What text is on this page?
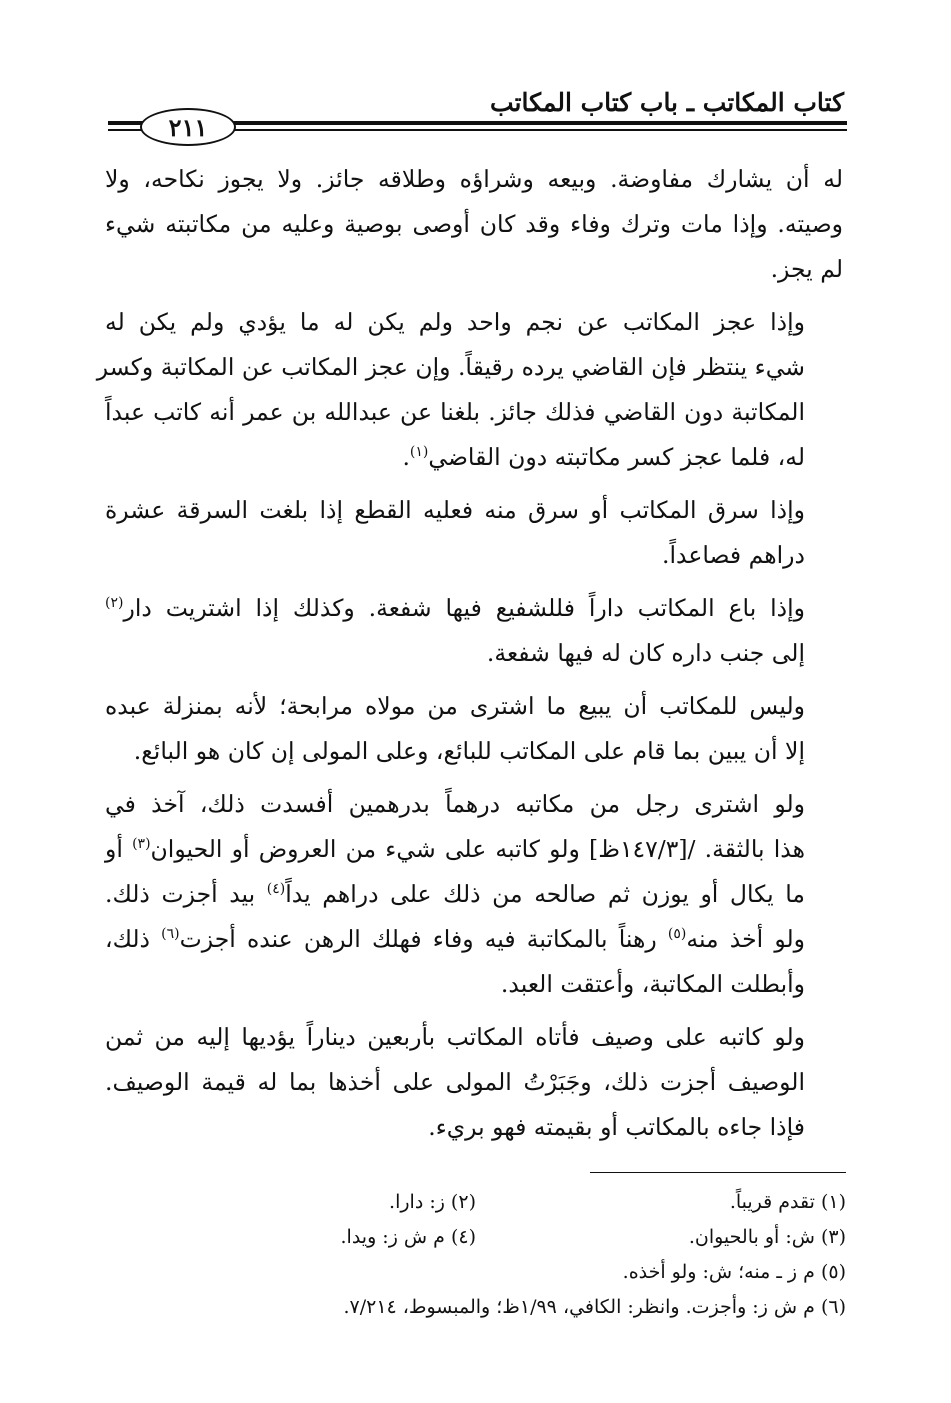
كتاب المكاتب ـ باب كتاب المكاتب
٢١١
له أن يشارك مفاوضة. وبيعه وشراؤه وطلاقه جائز. ولا يجوز نكاحه، ولا
وصيته. وإذا مات وترك وفاء وقد كان أوصى بوصية وعليه من مكاتبته شيء
لم يجز.
وإذا عجز المكاتب عن نجم واحد ولم يكن له ما يؤدي ولم يكن له
شيء ينتظر فإن القاضي يرده رقيقاً. وإن عجز المكاتب عن المكاتبة وكسر
المكاتبة دون القاضي فذلك جائز. بلغنا عن عبدالله بن عمر أنه كاتب عبداً
له، فلما عجز كسر مكاتبته دون القاضي$^{(١)}$.
وإذا سرق المكاتب أو سرق منه فعليه القطع إذا بلغت السرقة عشرة
دراهم فصاعداً.
وإذا باع المكاتب داراً فللشفيع فيها شفعة. وكذلك إذا اشتريت دار$^{(٢)}$
إلى جنب داره كان له فيها شفعة.
وليس للمكاتب أن يبيع ما اشترى من مولاه مرابحة؛ لأنه بمنزلة عبده
إلا أن يبين بما قام على المكاتب للبائع، وعلى المولى إن كان هو البائع.
ولو اشترى رجل من مكاتبه درهماً بدرهمين أفسدت ذلك، آخذ في
هذا بالثقة. /[١٤٧/٣ظ] ولو كاتبه على شيء من العروض أو الحيوان$^{(٣)}$ أو
ما يكال أو يوزن ثم صالحه من ذلك على دراهم يداً$^{(٤)}$ بيد أجزت ذلك.
ولو أخذ منه$^{(٥)}$ رهناً بالمكاتبة فيه وفاء فهلك الرهن عنده أجزت$^{(٦)}$ ذلك،
وأبطلت المكاتبة، وأعتقت العبد.
ولو كاتبه على وصيف فأتاه المكاتب بأربعين ديناراً يؤديها إليه من ثمن
الوصيف أجزت ذلك، وجَبَرْتُ المولى على أخذها بما له قيمة الوصيف.
فإذا جاءه بالمكاتب أو بقيمته فهو بريء.
(١) تقدم قريباً.
(٢) ز: دارا.
(٣) ش: أو بالحيوان.
(٤) م ش ز: ويدا.
(٥) م ز ـ منه؛ ش: ولو أخذه.
(٦) م ش ز: وأجزت. وانظر: الكافي، ١/٩٩ظ؛ والمبسوط، ٧/٢١٤.
